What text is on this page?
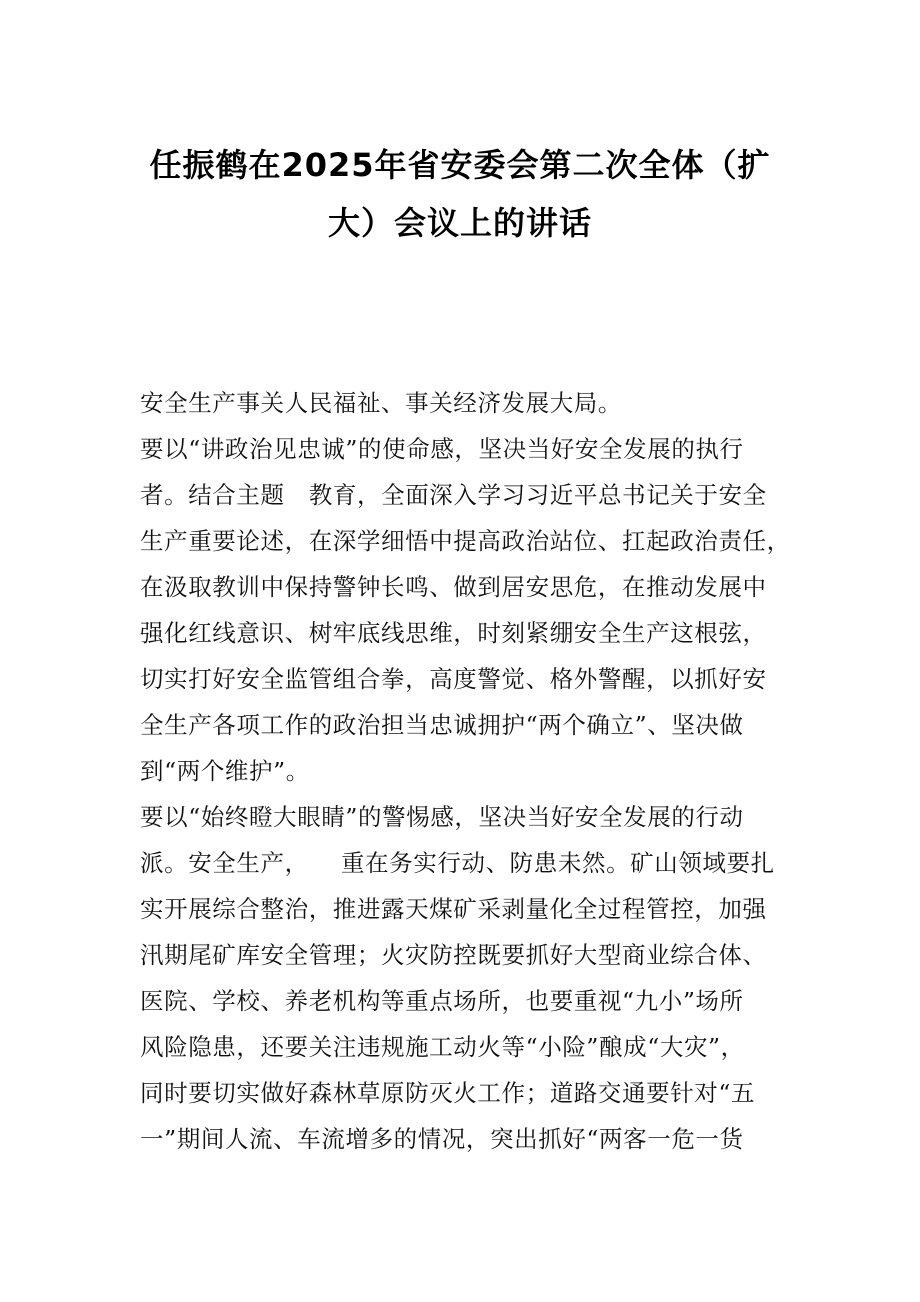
任振鹤在2025年省安委会第二次全体（扩
大）会议上的讲话
安全生产事关人民福祉、事关经济发展大局。
要以“讲政治见忠诚”的使命感，坚决当好安全发展的执行
者。结合主题   教育，全面深入学习习近平总书记关于安全
生产重要论述，在深学细悟中提高政治站位、扛起政治责任，
在汲取教训中保持警钟长鸣、做到居安思危，在推动发展中
强化红线意识、树牢底线思维，时刻紧绷安全生产这根弦，
切实打好安全监管组合拳，高度警觉、格外警醒，以抓好安
全生产各项工作的政治担当忠诚拥护“两个确立”、坚决做
到“两个维护”。
要以“始终瞪大眼睛”的警惕感，坚决当好安全发展的行动
派。安全生产，    重在务实行动、防患未然。矿山领域要扎
实开展综合整治，推进露天煤矿采剥量化全过程管控，加强
汛期尾矿库安全管理；火灾防控既要抓好大型商业综合体、
医院、学校、养老机构等重点场所，也要重视“九小”场所
风险隐患，还要关注违规施工动火等“小险”酿成“大灾”，
同时要切实做好森林草原防灭火工作；道路交通要针对“五
一”期间人流、车流增多的情况，突出抓好“两客一危一货
